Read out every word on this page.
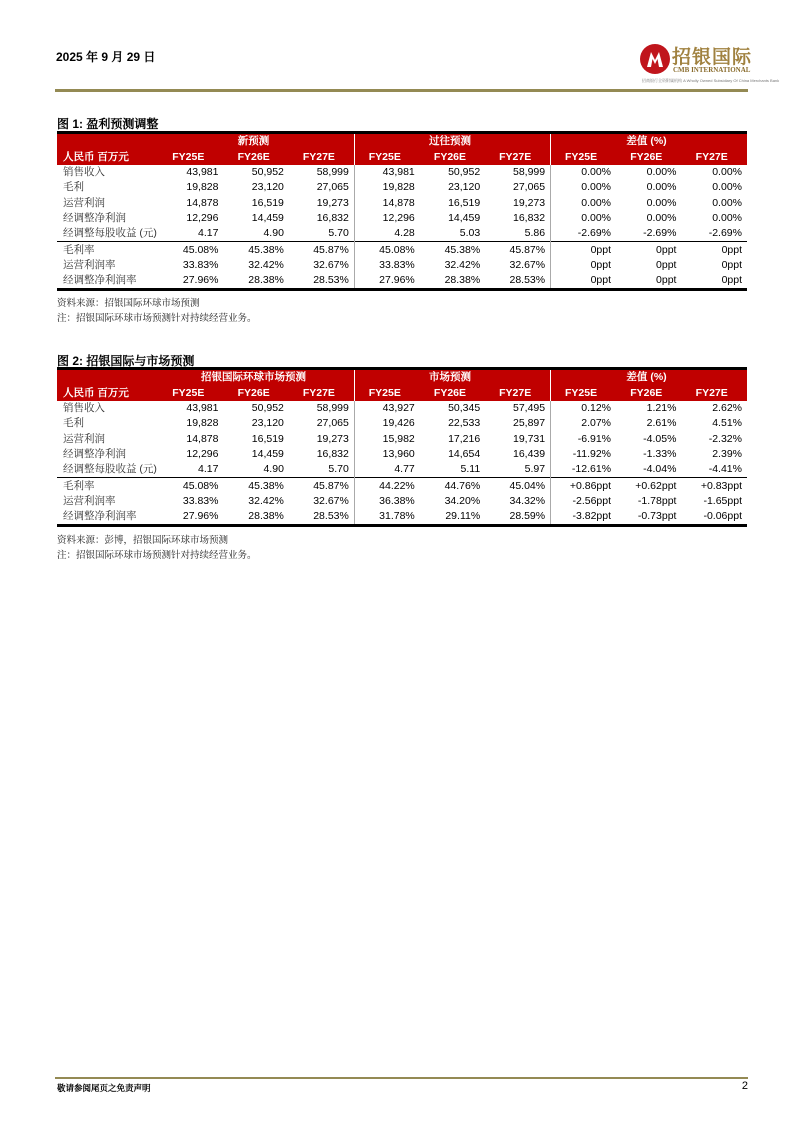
2025 年 9 月 29 日	招银国际
CMB INTERNATIONAL
招商银行全资附属机构 A Wholly Owned Subsidiary Of China Merchants Bank
图 1: 盈利预测调整
	新预测			过往预测			差值 (%)		
人民币 百万元	FY25E	FY26E	FY27E	FY25E	FY26E	FY27E	FY25E	FY26E	FY27E
销售收入	43,981	50,952	58,999	43,981	50,952	58,999	0.00%	0.00%	0.00%
毛利	19,828	23,120	27,065	19,828	23,120	27,065	0.00%	0.00%	0.00%
运营利润	14,878	16,519	19,273	14,878	16,519	19,273	0.00%	0.00%	0.00%
经调整净利润	12,296	14,459	16,832	12,296	14,459	16,832	0.00%	0.00%	0.00%
经调整每股收益 (元)	4.17	4.90	5.70	4.28	5.03	5.86	-2.69%	-2.69%	-2.69%
毛利率	45.08%	45.38%	45.87%	45.08%	45.38%	45.87%	0ppt	0ppt	0ppt
运营利润率	33.83%	32.42%	32.67%	33.83%	32.42%	32.67%	0ppt	0ppt	0ppt
经调整净利润率	27.96%	28.38%	28.53%	27.96%	28.38%	28.53%	0ppt	0ppt	0ppt
资料来源：招银国际环球市场预测
注：招银国际环球市场预测针对持续经营业务。
图 2: 招银国际与市场预测
	招银国际环球市场预测			市场预测			差值 (%)		
人民币 百万元	FY25E	FY26E	FY27E	FY25E	FY26E	FY27E	FY25E	FY26E	FY27E
销售收入	43,981	50,952	58,999	43,927	50,345	57,495	0.12%	1.21%	2.62%
毛利	19,828	23,120	27,065	19,426	22,533	25,897	2.07%	2.61%	4.51%
运营利润	14,878	16,519	19,273	15,982	17,216	19,731	-6.91%	-4.05%	-2.32%
经调整净利润	12,296	14,459	16,832	13,960	14,654	16,439	-11.92%	-1.33%	2.39%
经调整每股收益 (元)	4.17	4.90	5.70	4.77	5.11	5.97	-12.61%	-4.04%	-4.41%
毛利率	45.08%	45.38%	45.87%	44.22%	44.76%	45.04%	+0.86ppt	+0.62ppt	+0.83ppt
运营利润率	33.83%	32.42%	32.67%	36.38%	34.20%	34.32%	-2.56ppt	-1.78ppt	-1.65ppt
经调整净利润率	27.96%	28.38%	28.53%	31.78%	29.11%	28.59%	-3.82ppt	-0.73ppt	-0.06ppt
资料来源：彭博，招银国际环球市场预测
注：招银国际环球市场预测针对持续经营业务。
敬请参阅尾页之免责声明	2
